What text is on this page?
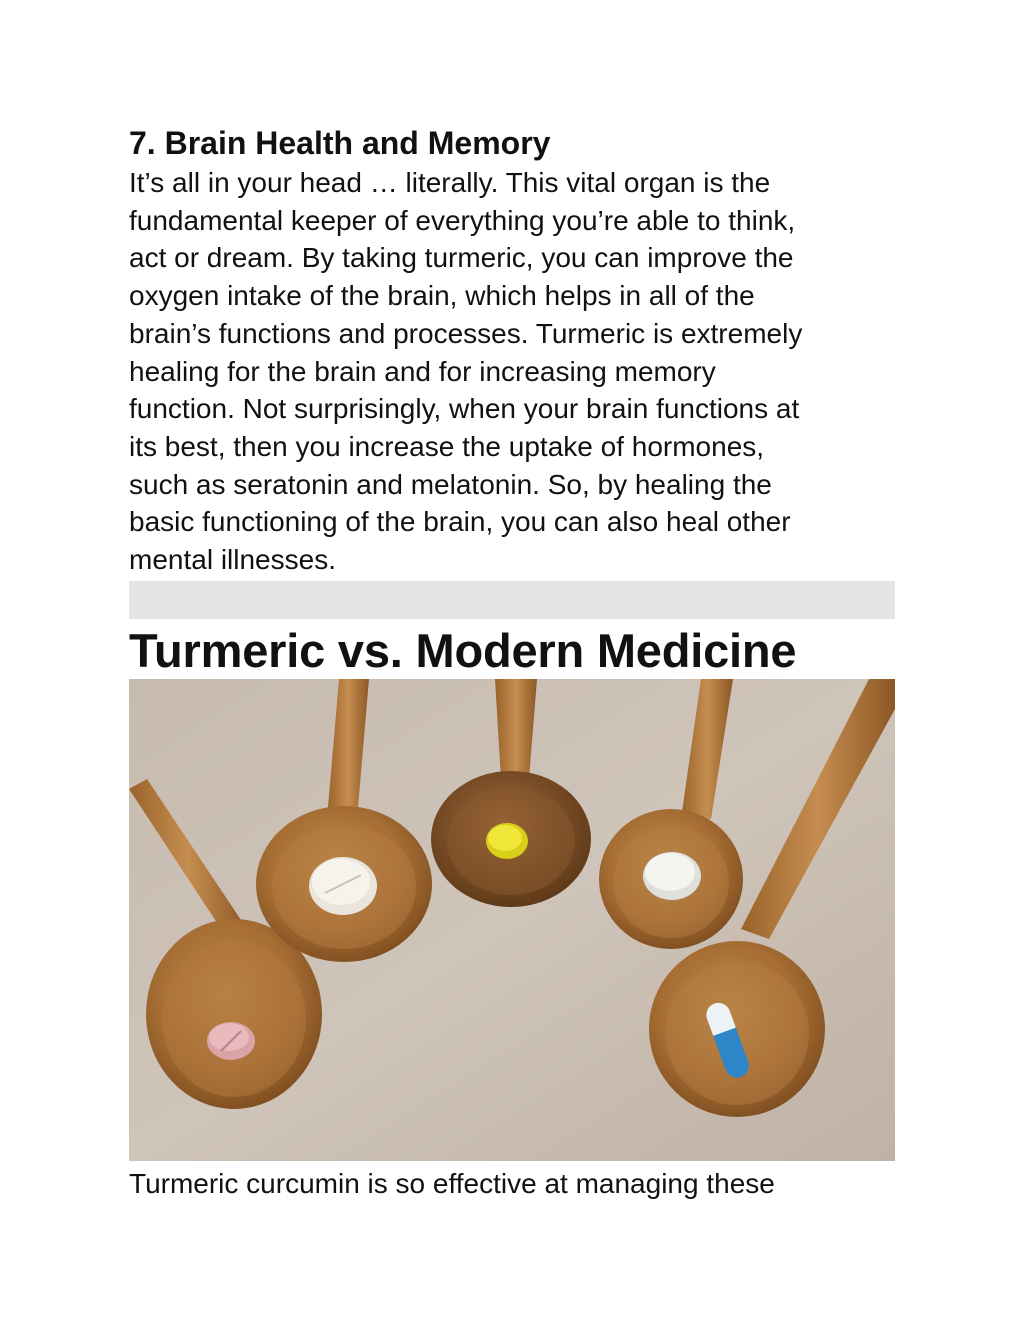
7. Brain Health and Memory

It’s all in your head … literally. This vital organ is the
fundamental keeper of everything you’re able to think,
act or dream. By taking turmeric, you can improve the
oxygen intake of the brain, which helps in all of the
brain’s functions and processes. Turmeric is extremely
healing for the brain and for increasing memory
function. Not surprisingly, when your brain functions at
its best, then you increase the uptake of hormones,
such as seratonin and melatonin. So, by healing the
basic functioning of the brain, you can also heal other
mental illnesses.

Turmeric vs. Modern Medicine

Turmeric curcumin is so effective at managing these
